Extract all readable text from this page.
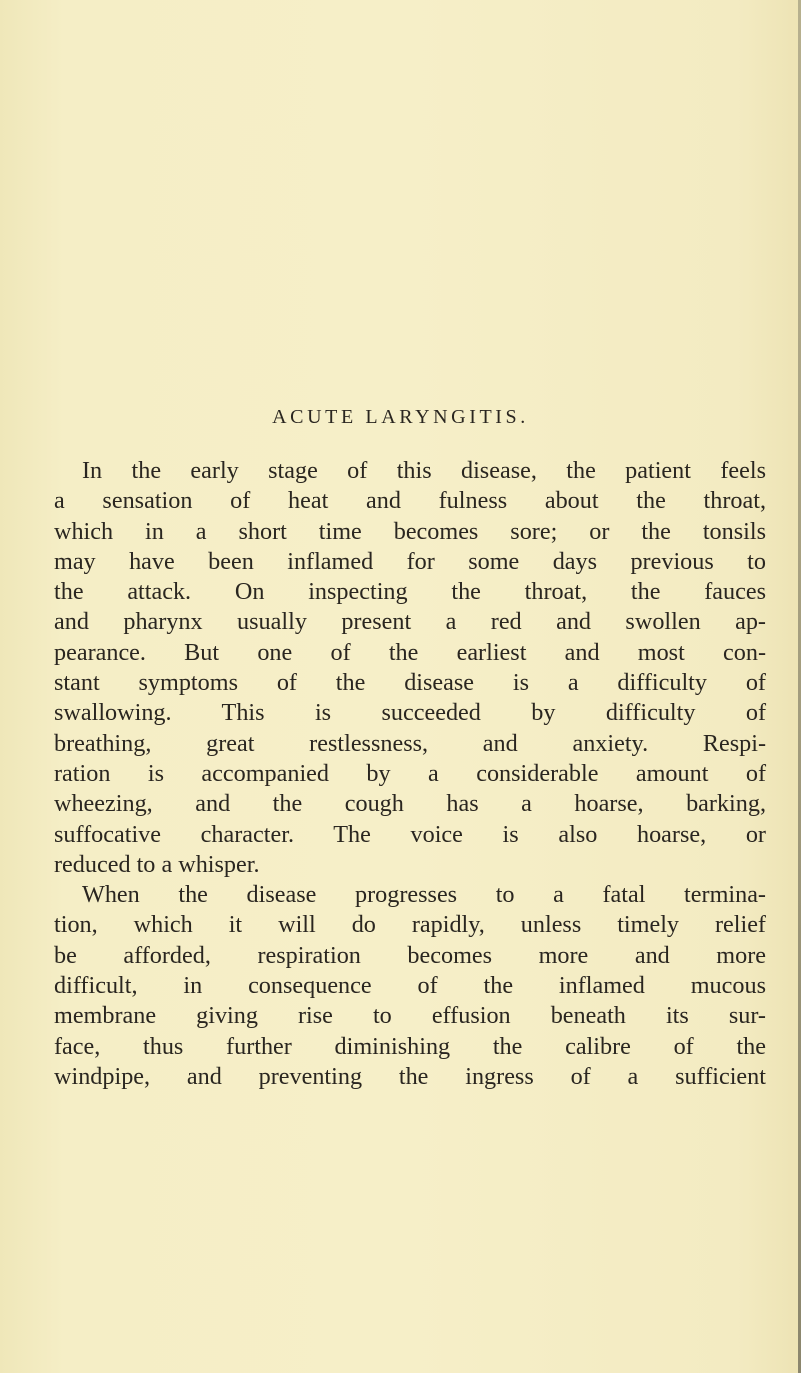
ACUTE LARYNGITIS.
In the early stage of this disease, the patient feels
a sensation of heat and fulness about the throat,
which in a short time becomes sore; or the tonsils
may have been inflamed for some days previous to
the attack. On inspecting the throat, the fauces
and pharynx usually present a red and swollen ap-
pearance. But one of the earliest and most con-
stant symptoms of the disease is a difficulty of
swallowing. This is succeeded by difficulty of
breathing, great restlessness, and anxiety. Respi-
ration is accompanied by a considerable amount of
wheezing, and the cough has a hoarse, barking,
suffocative character. The voice is also hoarse, or
reduced to a whisper.
When the disease progresses to a fatal termina-
tion, which it will do rapidly, unless timely relief
be afforded, respiration becomes more and more
difficult, in consequence of the inflamed mucous
membrane giving rise to effusion beneath its sur-
face, thus further diminishing the calibre of the
windpipe, and preventing the ingress of a sufficient
